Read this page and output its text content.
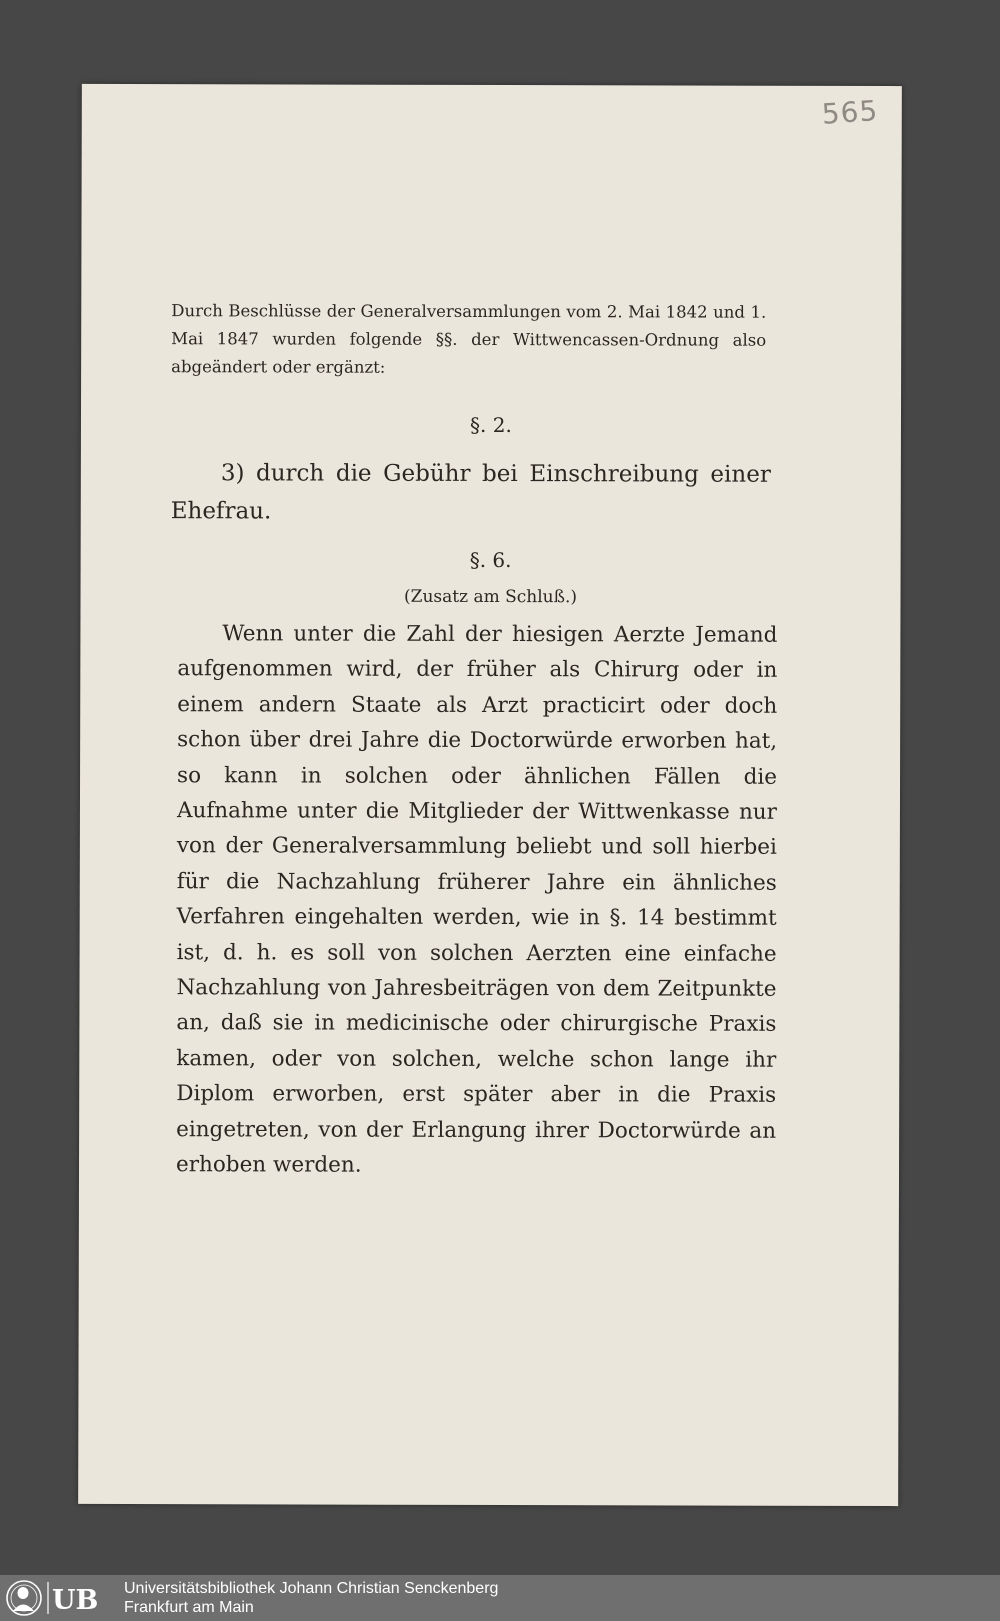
565

Durch Beschlüsse der Generalversammlungen vom 2. Mai 1842 und 1. Mai 1847 wurden folgende §§. der Wittwencassen-Ordnung also abgeändert oder ergänzt:

§. 2.

3) durch die Gebühr bei Einschreibung einer Ehefrau.

§. 6.
(Zusatz am Schluß.)

Wenn unter die Zahl der hiesigen Aerzte Jemand aufgenommen wird, der früher als Chirurg oder in einem andern Staate als Arzt practicirt oder doch schon über drei Jahre die Doctorwürde erworben hat, so kann in solchen oder ähnlichen Fällen die Aufnahme unter die Mitglieder der Wittwenkasse nur von der Generalversammlung beliebt und soll hierbei für die Nachzahlung früherer Jahre ein ähnliches Verfahren eingehalten werden, wie in §. 14 bestimmt ist, d. h. es soll von solchen Aerzten eine einfache Nachzahlung von Jahresbeiträgen von dem Zeitpunkte an, daß sie in medicinische oder chirurgische Praxis kamen, oder von solchen, welche schon lange ihr Diplom erworben, erst später aber in die Praxis eingetreten, von der Erlangung ihrer Doctorwürde an erhoben werden.

UB Universitätsbibliothek Johann Christian Senckenberg
Frankfurt am Main
